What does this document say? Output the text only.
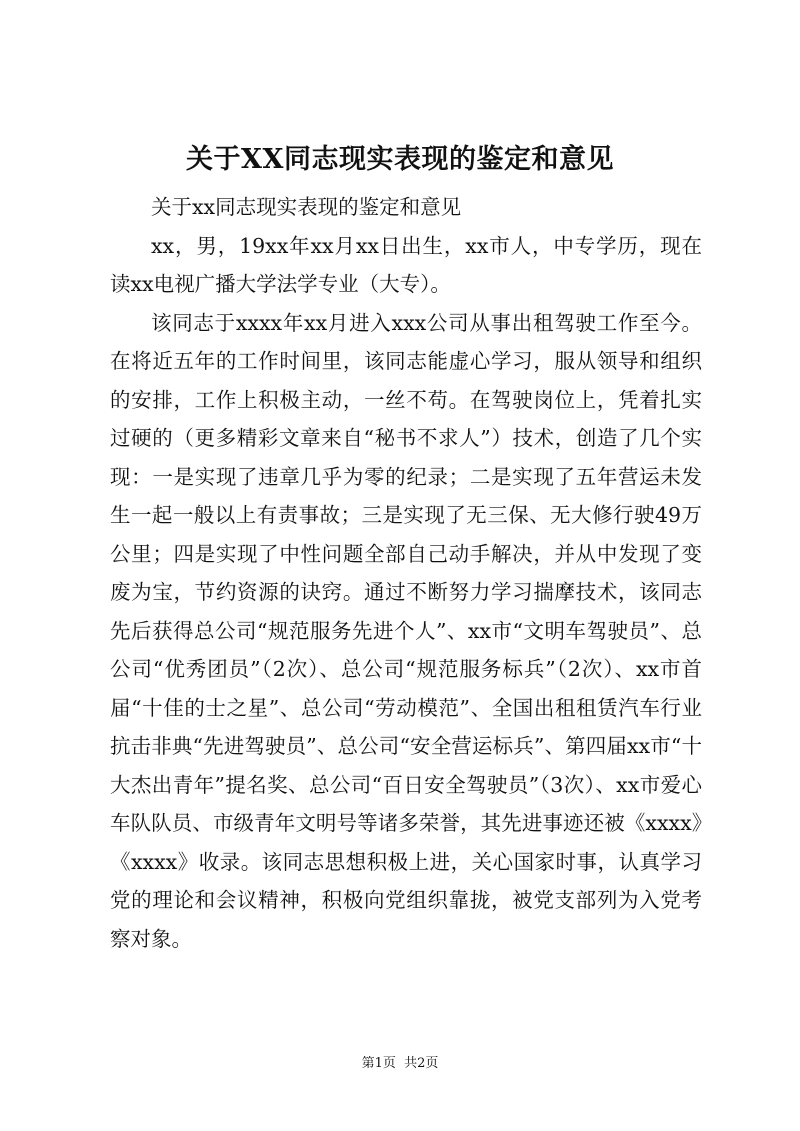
关于XX同志现实表现的鉴定和意见

关于xx同志现实表现的鉴定和意见

xx，男，19xx年xx月xx日出生，xx市人，中专学历，现在读xx电视广播大学法学专业（大专）。

该同志于xxxx年xx月进入xxx公司从事出租驾驶工作至今。在将近五年的工作时间里，该同志能虚心学习，服从领导和组织的安排，工作上积极主动，一丝不苟。在驾驶岗位上，凭着扎实过硬的（更多精彩文章来自“秘书不求人”）技术，创造了几个实现：一是实现了违章几乎为零的纪录；二是实现了五年营运未发生一起一般以上有责事故；三是实现了无三保、无大修行驶49万公里；四是实现了中性问题全部自己动手解决，并从中发现了变废为宝，节约资源的诀窍。通过不断努力学习揣摩技术，该同志先后获得总公司“规范服务先进个人”、xx市“文明车驾驶员”、总公司“优秀团员”（2次）、总公司“规范服务标兵”（2次）、xx市首届“十佳的士之星”、总公司“劳动模范”、全国出租租赁汽车行业抗击非典“先进驾驶员”、总公司“安全营运标兵”、第四届xx市“十大杰出青年”提名奖、总公司“百日安全驾驶员”（3次）、xx市爱心车队队员、市级青年文明号等诸多荣誉，其先进事迹还被《xxxx》《xxxx》收录。该同志思想积极上进，关心国家时事，认真学习党的理论和会议精神，积极向党组织靠拢，被党支部列为入党考察对象。

第1页 共2页
